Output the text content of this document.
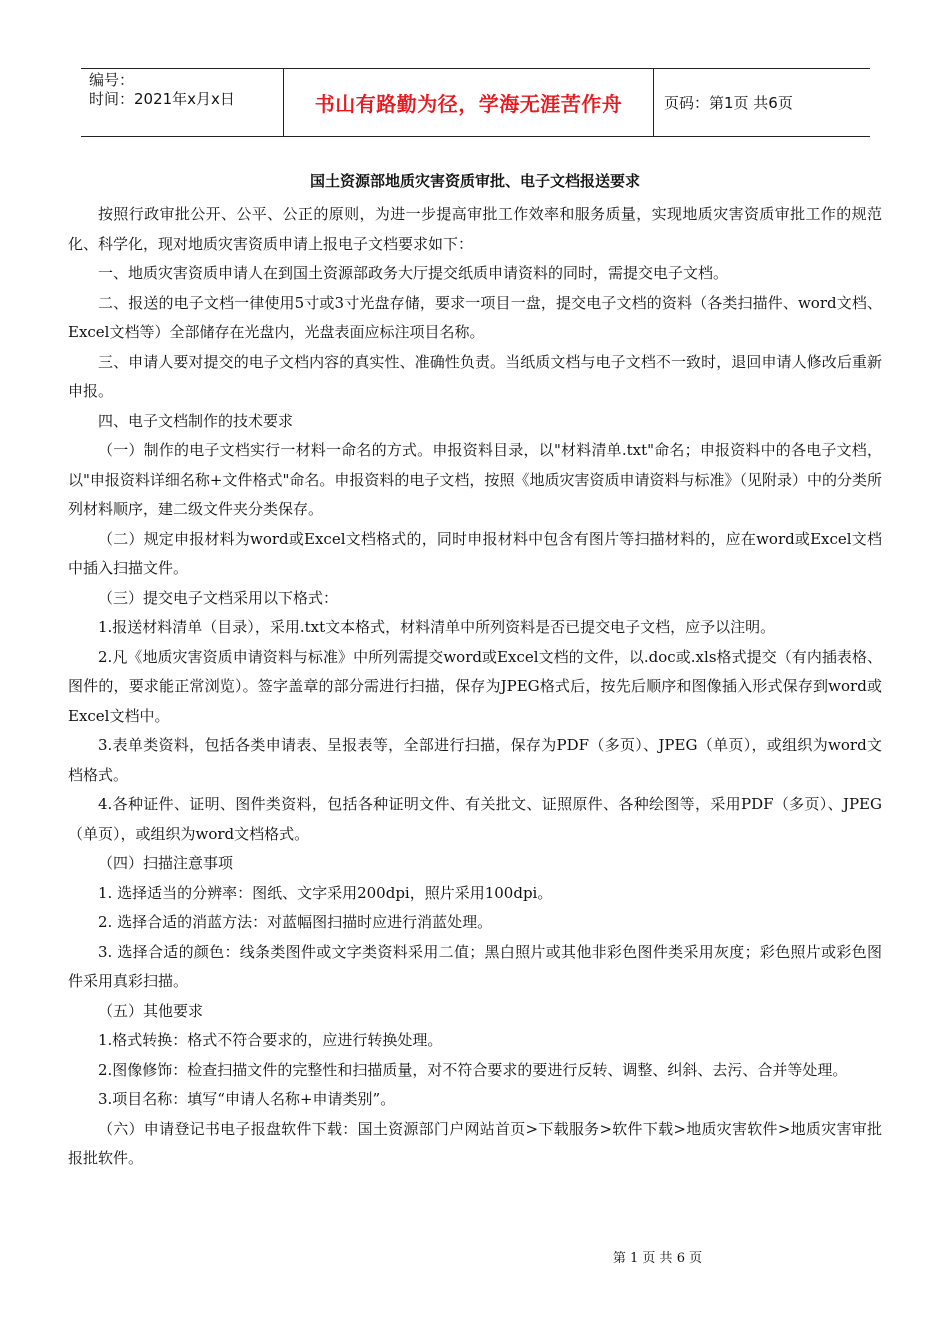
编号：
时间：2021年x月x日	书山有路勤为径，学海无涯苦作舟	页码：第1页 共6页
国土资源部地质灾害资质审批、电子文档报送要求

按照行政审批公开、公平、公正的原则，为进一步提高审批工作效率和服务质量，实现地质灾害资质审批工作的规范化、科学化，现对地质灾害资质申请上报电子文档要求如下：

一、地质灾害资质申请人在到国土资源部政务大厅提交纸质申请资料的同时，需提交电子文档。

二、报送的电子文档一律使用5寸或3寸光盘存储，要求一项目一盘，提交电子文档的资料（各类扫描件、word文档、Excel文档等）全部储存在光盘内，光盘表面应标注项目名称。

三、申请人要对提交的电子文档内容的真实性、准确性负责。当纸质文档与电子文档不一致时，退回申请人修改后重新申报。

四、电子文档制作的技术要求

（一）制作的电子文档实行一材料一命名的方式。申报资料目录，以"材料清单.txt"命名；申报资料中的各电子文档，以"申报资料详细名称+文件格式"命名。申报资料的电子文档，按照《地质灾害资质申请资料与标准》（见附录）中的分类所列材料顺序，建二级文件夹分类保存。

（二）规定申报材料为word或Excel文档格式的，同时申报材料中包含有图片等扫描材料的，应在word或Excel文档中插入扫描文件。

（三）提交电子文档采用以下格式：

1.报送材料清单（目录），采用.txt文本格式，材料清单中所列资料是否已提交电子文档，应予以注明。

2.凡《地质灾害资质申请资料与标准》中所列需提交word或Excel文档的文件，以.doc或.xls格式提交（有内插表格、图件的，要求能正常浏览）。签字盖章的部分需进行扫描，保存为JPEG格式后，按先后顺序和图像插入形式保存到word或Excel文档中。

3.表单类资料，包括各类申请表、呈报表等，全部进行扫描，保存为PDF（多页）、JPEG（单页），或组织为word文档格式。

4.各种证件、证明、图件类资料，包括各种证明文件、有关批文、证照原件、各种绘图等，采用PDF（多页）、JPEG（单页），或组织为word文档格式。

（四）扫描注意事项

1. 选择适当的分辨率：图纸、文字采用200dpi，照片采用100dpi。

2. 选择合适的消蓝方法：对蓝幅图扫描时应进行消蓝处理。

3. 选择合适的颜色：线条类图件或文字类资料采用二值；黑白照片或其他非彩色图件类采用灰度；彩色照片或彩色图件采用真彩扫描。

（五）其他要求

1.格式转换：格式不符合要求的，应进行转换处理。

2.图像修饰：检查扫描文件的完整性和扫描质量，对不符合要求的要进行反转、调整、纠斜、去污、合并等处理。

3.项目名称：填写“申请人名称+申请类别”。

（六）申请登记书电子报盘软件下载：国土资源部门户网站首页>下载服务>软件下载>地质灾害软件>地质灾害审批报批软件。

第 1 页 共 6 页
